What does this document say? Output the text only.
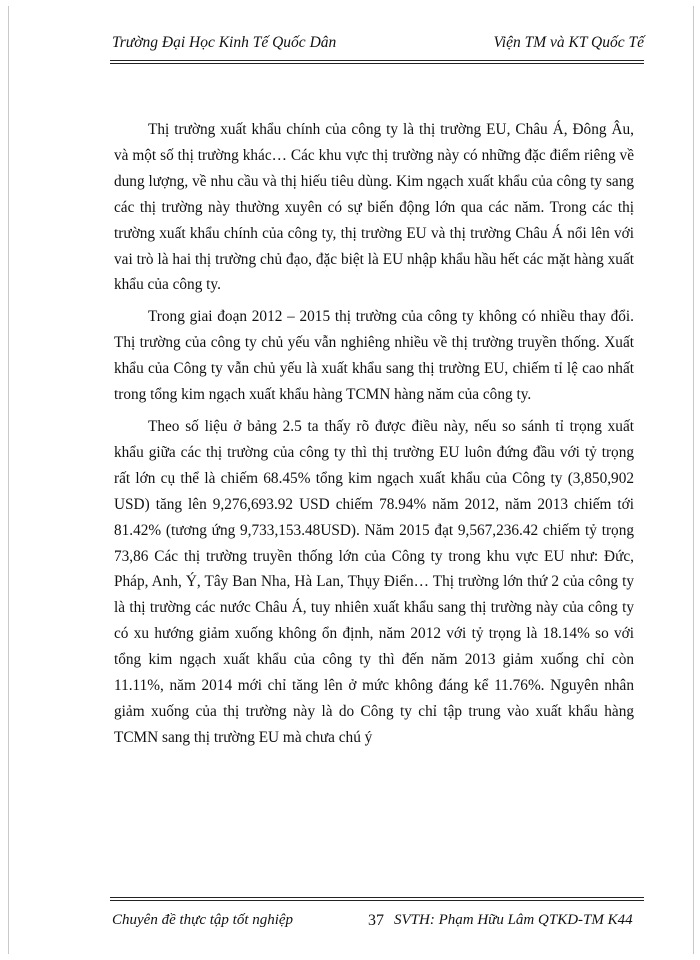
Trường Đại Học Kinh Tế Quốc Dân	Viện TM và KT Quốc Tế

Thị trường xuất khẩu chính của công ty là thị trường EU, Châu Á, Đông Âu, và một số thị trường khác… Các khu vực thị trường này có những đặc điểm riêng về dung lượng, về nhu cầu và thị hiếu tiêu dùng. Kim ngạch xuất khẩu của công ty sang các thị trường này thường xuyên có sự biến động lớn qua các năm. Trong các thị trường xuất khẩu chính của công ty, thị trường EU và thị trường Châu Á nổi lên với vai trò là hai thị trường chủ đạo, đặc biệt là EU nhập khẩu hầu hết các mặt hàng xuất khẩu của công ty.

Trong giai đoạn 2012 – 2015 thị trường của công ty không có nhiều thay đổi. Thị trường của công ty chủ yếu vẫn nghiêng nhiều về thị trường truyền thống. Xuất khẩu của Công ty vẫn chủ yếu là xuất khẩu sang thị trường EU, chiếm tỉ lệ cao nhất trong tổng kim ngạch xuất khẩu hàng TCMN hàng năm của công ty.

Theo số liệu ở bảng 2.5 ta thấy rõ được điều này, nếu so sánh tỉ trọng xuất khẩu giữa các thị trường của công ty thì thị trường EU luôn đứng đầu với tỷ trọng rất lớn cụ thể là chiếm 68.45% tổng kim ngạch xuất khẩu của Công ty (3,850,902 USD) tăng lên 9,276,693.92 USD chiếm 78.94% năm 2012, năm 2013 chiếm tới 81.42% (tương ứng 9,733,153.48USD). Năm 2015 đạt 9,567,236.42 chiếm tỷ trọng 73,86 Các thị trường truyền thống lớn của Công ty trong khu vực EU như: Đức, Pháp, Anh, Ý, Tây Ban Nha, Hà Lan, Thụy Điển… Thị trường lớn thứ 2 của công ty là thị trường các nước Châu Á, tuy nhiên xuất khẩu sang thị trường này của công ty có xu hướng giảm xuống không ổn định, năm 2012 với tỷ trọng là 18.14% so với tổng kim ngạch xuất khẩu của công ty thì đến năm 2013 giảm xuống chỉ còn 11.11%, năm 2014 mới chỉ tăng lên ở mức không đáng kể 11.76%. Nguyên nhân giảm xuống của thị trường này là do Công ty chỉ tập trung vào xuất khẩu hàng TCMN sang thị trường EU mà chưa chú ý

Chuyên đề thực tập tốt nghiệp	37 SVTH: Phạm Hữu Lâm QTKD-TM K44
